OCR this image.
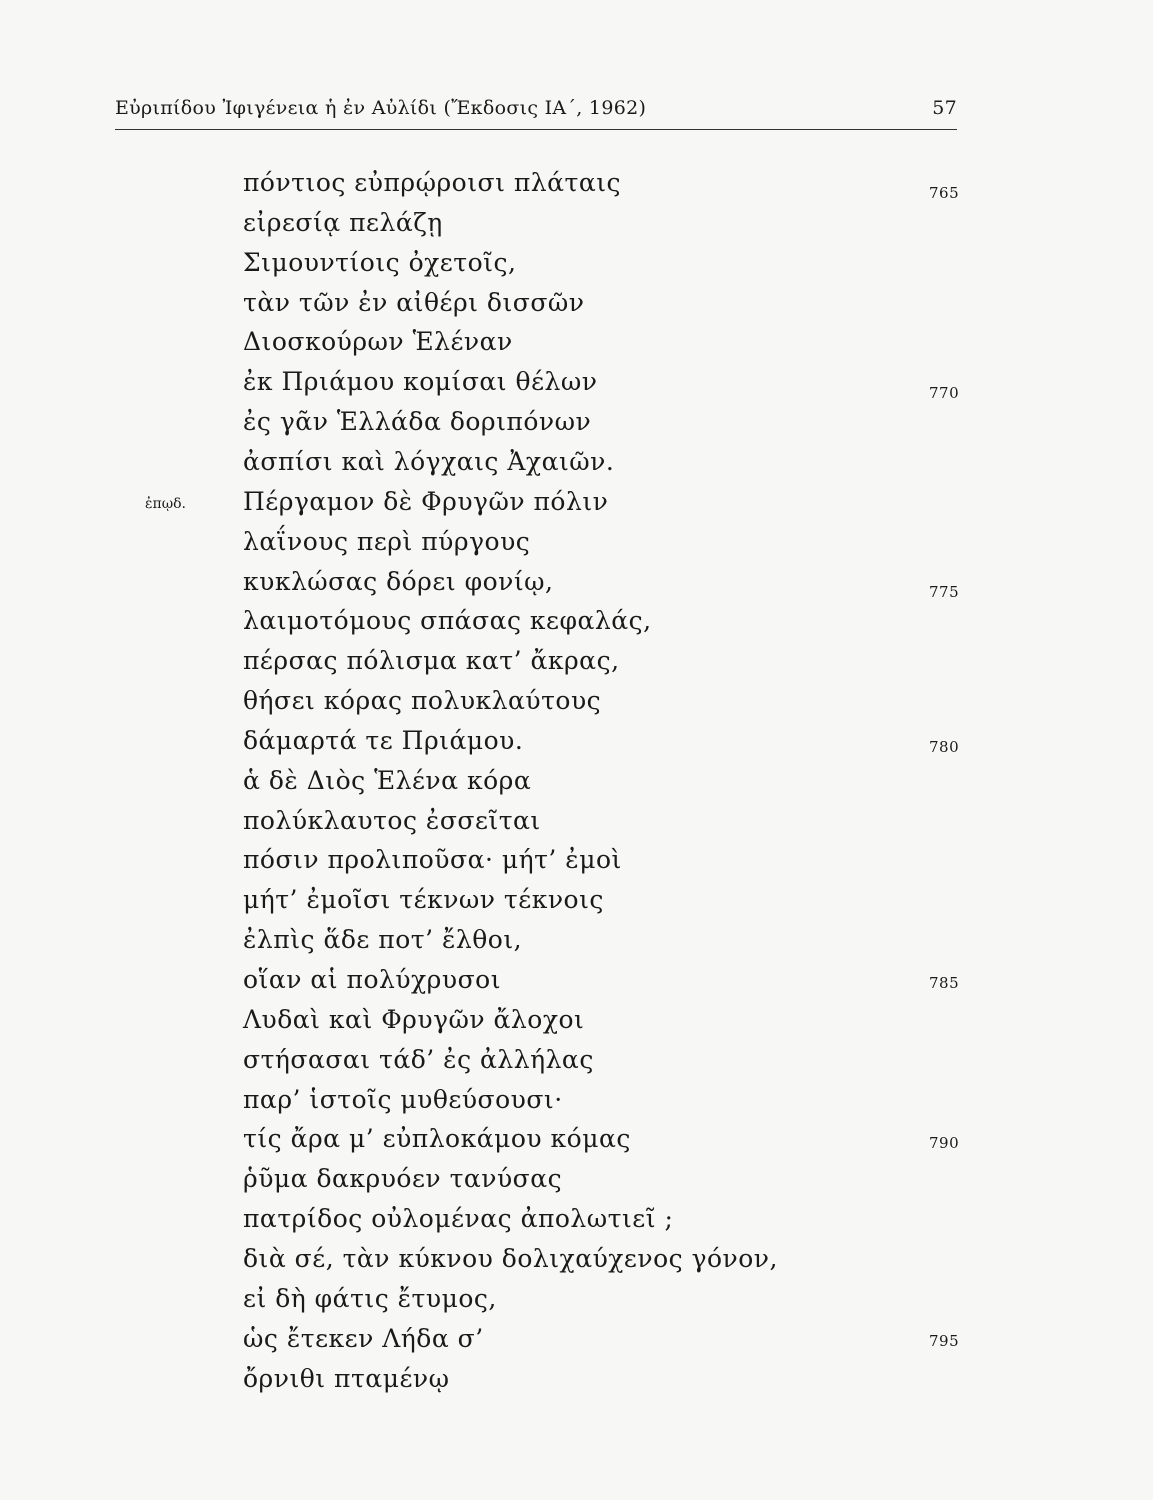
Εὐριπίδου Ἰφιγένεια ἡ ἐν Αὐλίδι (Ἔκδοσις ΙΑ΄, 1962)	57
ἐπῳδ.
πόντιος εὐπρῴροισι πλάταις
εἰρεσίᾳ πελάζῃ
Σιμουντίοις ὀχετοῖς,
τὰν τῶν ἐν αἰθέρι δισσῶν
Διοσκούρων Ἑλέναν
ἐκ Πριάμου κομίσαι θέλων
ἐς γᾶν Ἑλλάδα δοριπόνων
ἀσπίσι καὶ λόγχαις Ἀχαιῶν.
Πέργαμον δὲ Φρυγῶν πόλιν
λαΐνους περὶ πύργους
κυκλώσας δόρει φονίῳ,
λαιμοτόμους σπάσας κεφαλάς,
πέρσας πόλισμα κατ’ ἄκρας,
θήσει κόρας πολυκλαύτους
δάμαρτά τε Πριάμου.
ἁ δὲ Διὸς Ἑλένα κόρα
πολύκλαυτος ἐσσεῖται
πόσιν προλιποῦσα· μήτ’ ἐμοὶ
μήτ’ ἐμοῖσι τέκνων τέκνοις
ἐλπὶς ἅδε ποτ’ ἔλθοι,
οἵαν αἱ πολύχρυσοι
Λυδαὶ καὶ Φρυγῶν ἄλοχοι
στήσασαι τάδ’ ἐς ἀλλήλας
παρ’ ἱστοῖς μυθεύσουσι·
τίς ἄρα μ’ εὐπλοκάμου κόμας
ῥῦμα δακρυόεν τανύσας
πατρίδος οὐλομένας ἀπολωτιεῖ ;
διὰ σέ, τὰν κύκνου δολιχαύχενος γόνον,
εἰ δὴ φάτις ἔτυμος,
ὡς ἔτεκεν Λήδα σ’
ὄρνιθι πταμένῳ
765
770
775
780
785
790
795
